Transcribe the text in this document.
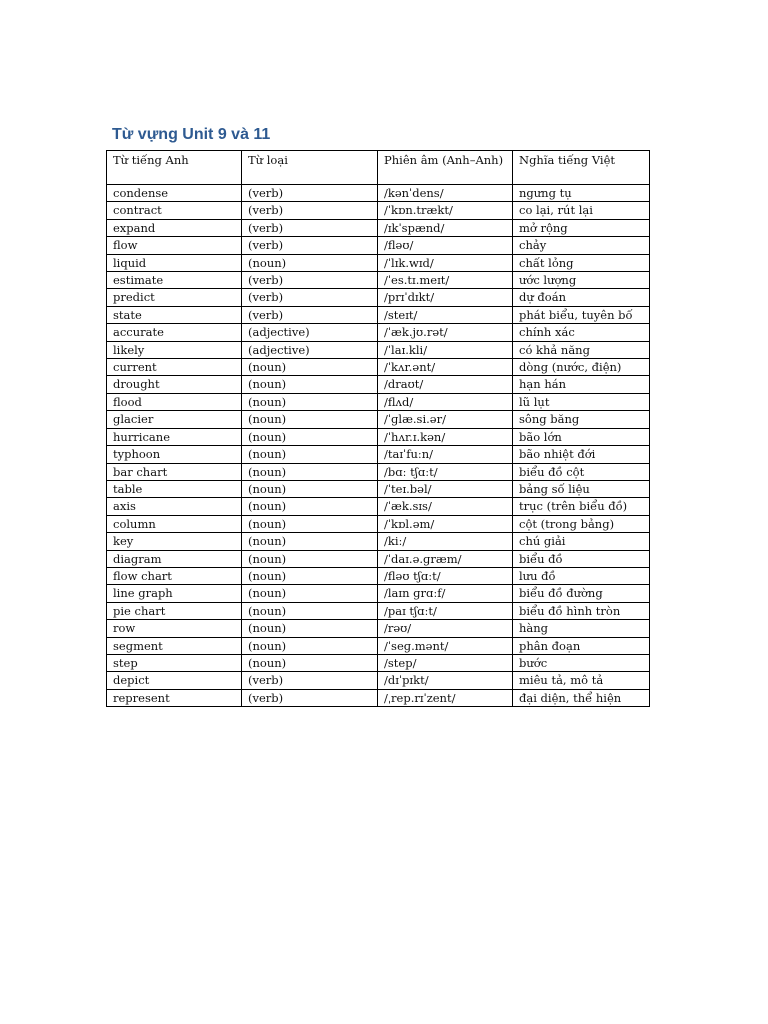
Từ vựng Unit 9 và 11
Từ tiếng Anh	Từ loại	Phiên âm (Anh–Anh)	Nghĩa tiếng Việt
condense	(verb)	/kənˈdens/	ngưng tụ
contract	(verb)	/ˈkɒn.trækt/	co lại, rút lại
expand	(verb)	/ɪkˈspænd/	mở rộng
flow	(verb)	/fləʊ/	chảy
liquid	(noun)	/ˈlɪk.wɪd/	chất lỏng
estimate	(verb)	/ˈes.tɪ.meɪt/	ước lượng
predict	(verb)	/prɪˈdɪkt/	dự đoán
state	(verb)	/steɪt/	phát biểu, tuyên bố
accurate	(adjective)	/ˈæk.jʊ.rət/	chính xác
likely	(adjective)	/ˈlaɪ.kli/	có khả năng
current	(noun)	/ˈkʌr.ənt/	dòng (nước, điện)
drought	(noun)	/draʊt/	hạn hán
flood	(noun)	/flʌd/	lũ lụt
glacier	(noun)	/ˈɡlæ.si.ər/	sông băng
hurricane	(noun)	/ˈhʌr.ɪ.kən/	bão lớn
typhoon	(noun)	/taɪˈfuːn/	bão nhiệt đới
bar chart	(noun)	/bɑː tʃɑːt/	biểu đồ cột
table	(noun)	/ˈteɪ.bəl/	bảng số liệu
axis	(noun)	/ˈæk.sɪs/	trục (trên biểu đồ)
column	(noun)	/ˈkɒl.əm/	cột (trong bảng)
key	(noun)	/kiː/	chú giải
diagram	(noun)	/ˈdaɪ.ə.ɡræm/	biểu đồ
flow chart	(noun)	/fləʊ tʃɑːt/	lưu đồ
line graph	(noun)	/laɪn ɡrɑːf/	biểu đồ đường
pie chart	(noun)	/paɪ tʃɑːt/	biểu đồ hình tròn
row	(noun)	/rəʊ/	hàng
segment	(noun)	/ˈseɡ.mənt/	phân đoạn
step	(noun)	/step/	bước
depict	(verb)	/dɪˈpɪkt/	miêu tả, mô tả
represent	(verb)	/ˌrep.rɪˈzent/	đại diện, thể hiện
